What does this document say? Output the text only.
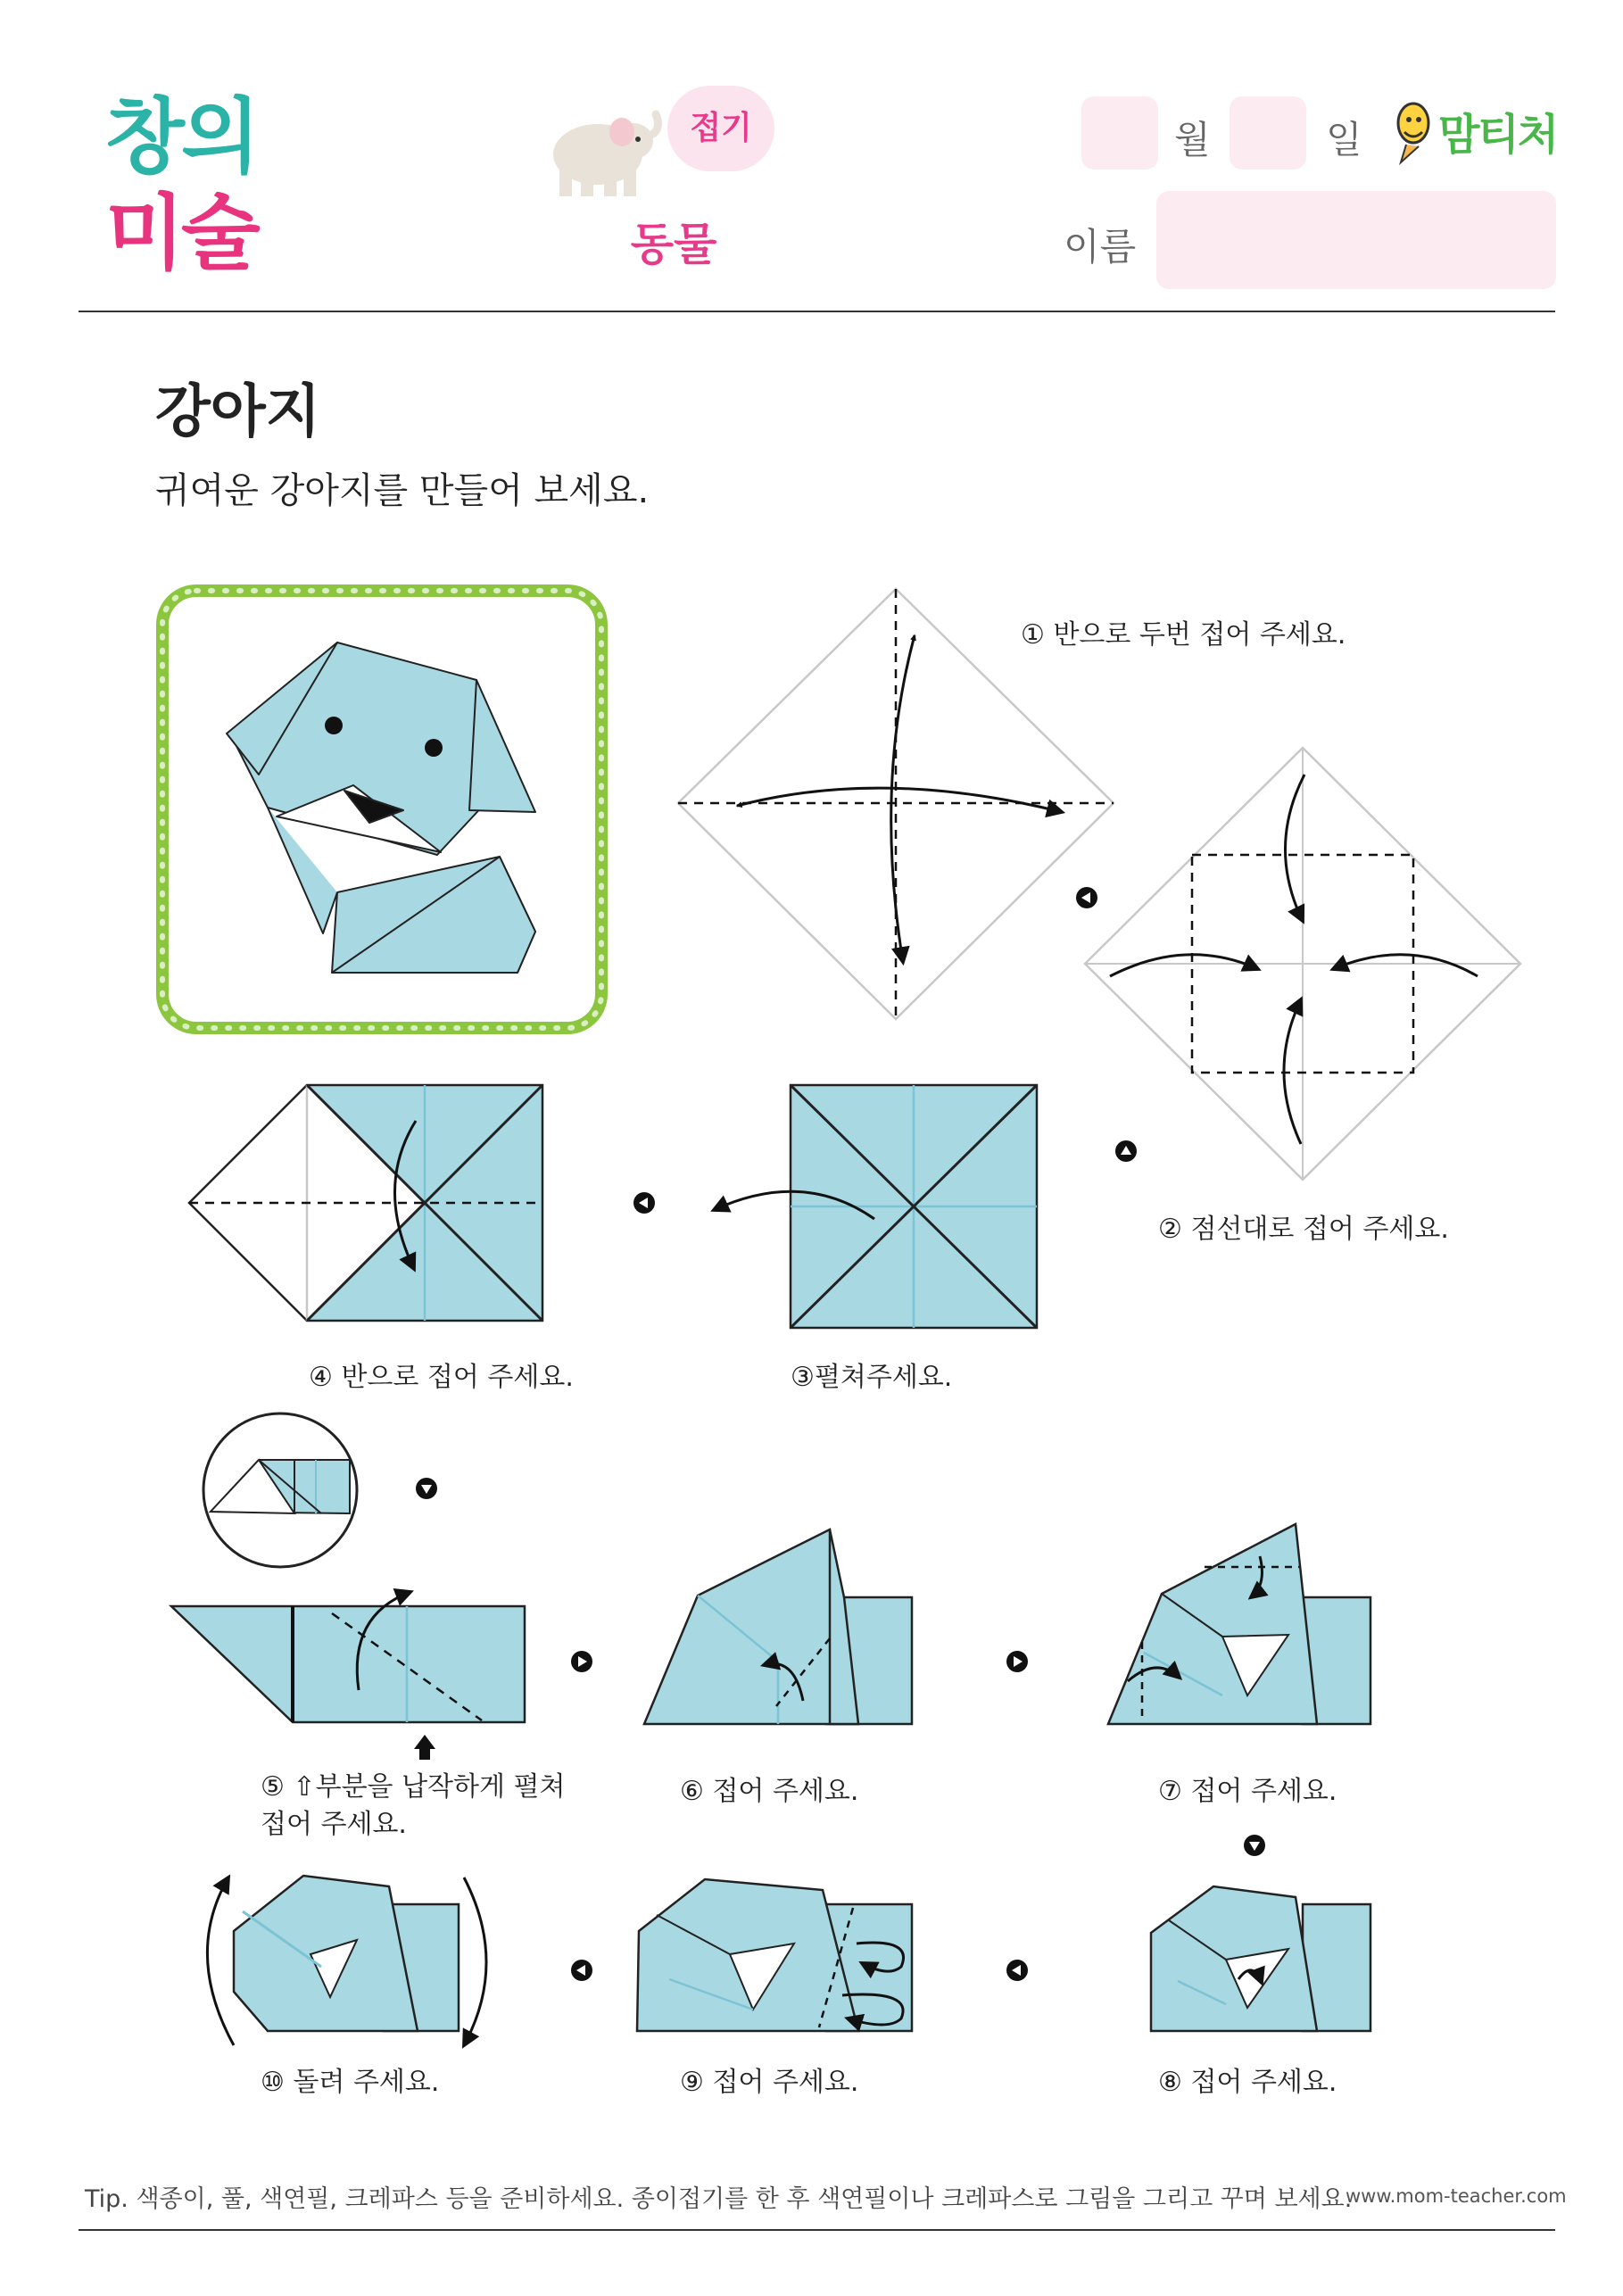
창의
미술
접기
동물
월	일
이름
맘티처
강아지
귀여운 강아지를 만들어 보세요.
① 반으로 두번 접어 주세요.
② 점선대로 접어 주세요.
③펼쳐주세요.
④ 반으로 접어 주세요.
⑤ ⇧부분을 납작하게 펼쳐
접어 주세요.
⑥ 접어 주세요.	⑦ 접어 주세요.
⑧ 접어 주세요.
⑨ 접어 주세요.
⑩ 돌려 주세요.
Tip. 색종이, 풀, 색연필, 크레파스 등을 준비하세요. 종이접기를 한 후 색연필이나 크레파스로 그림을 그리고 꾸며 보세요.
www.mom-teacher.com
